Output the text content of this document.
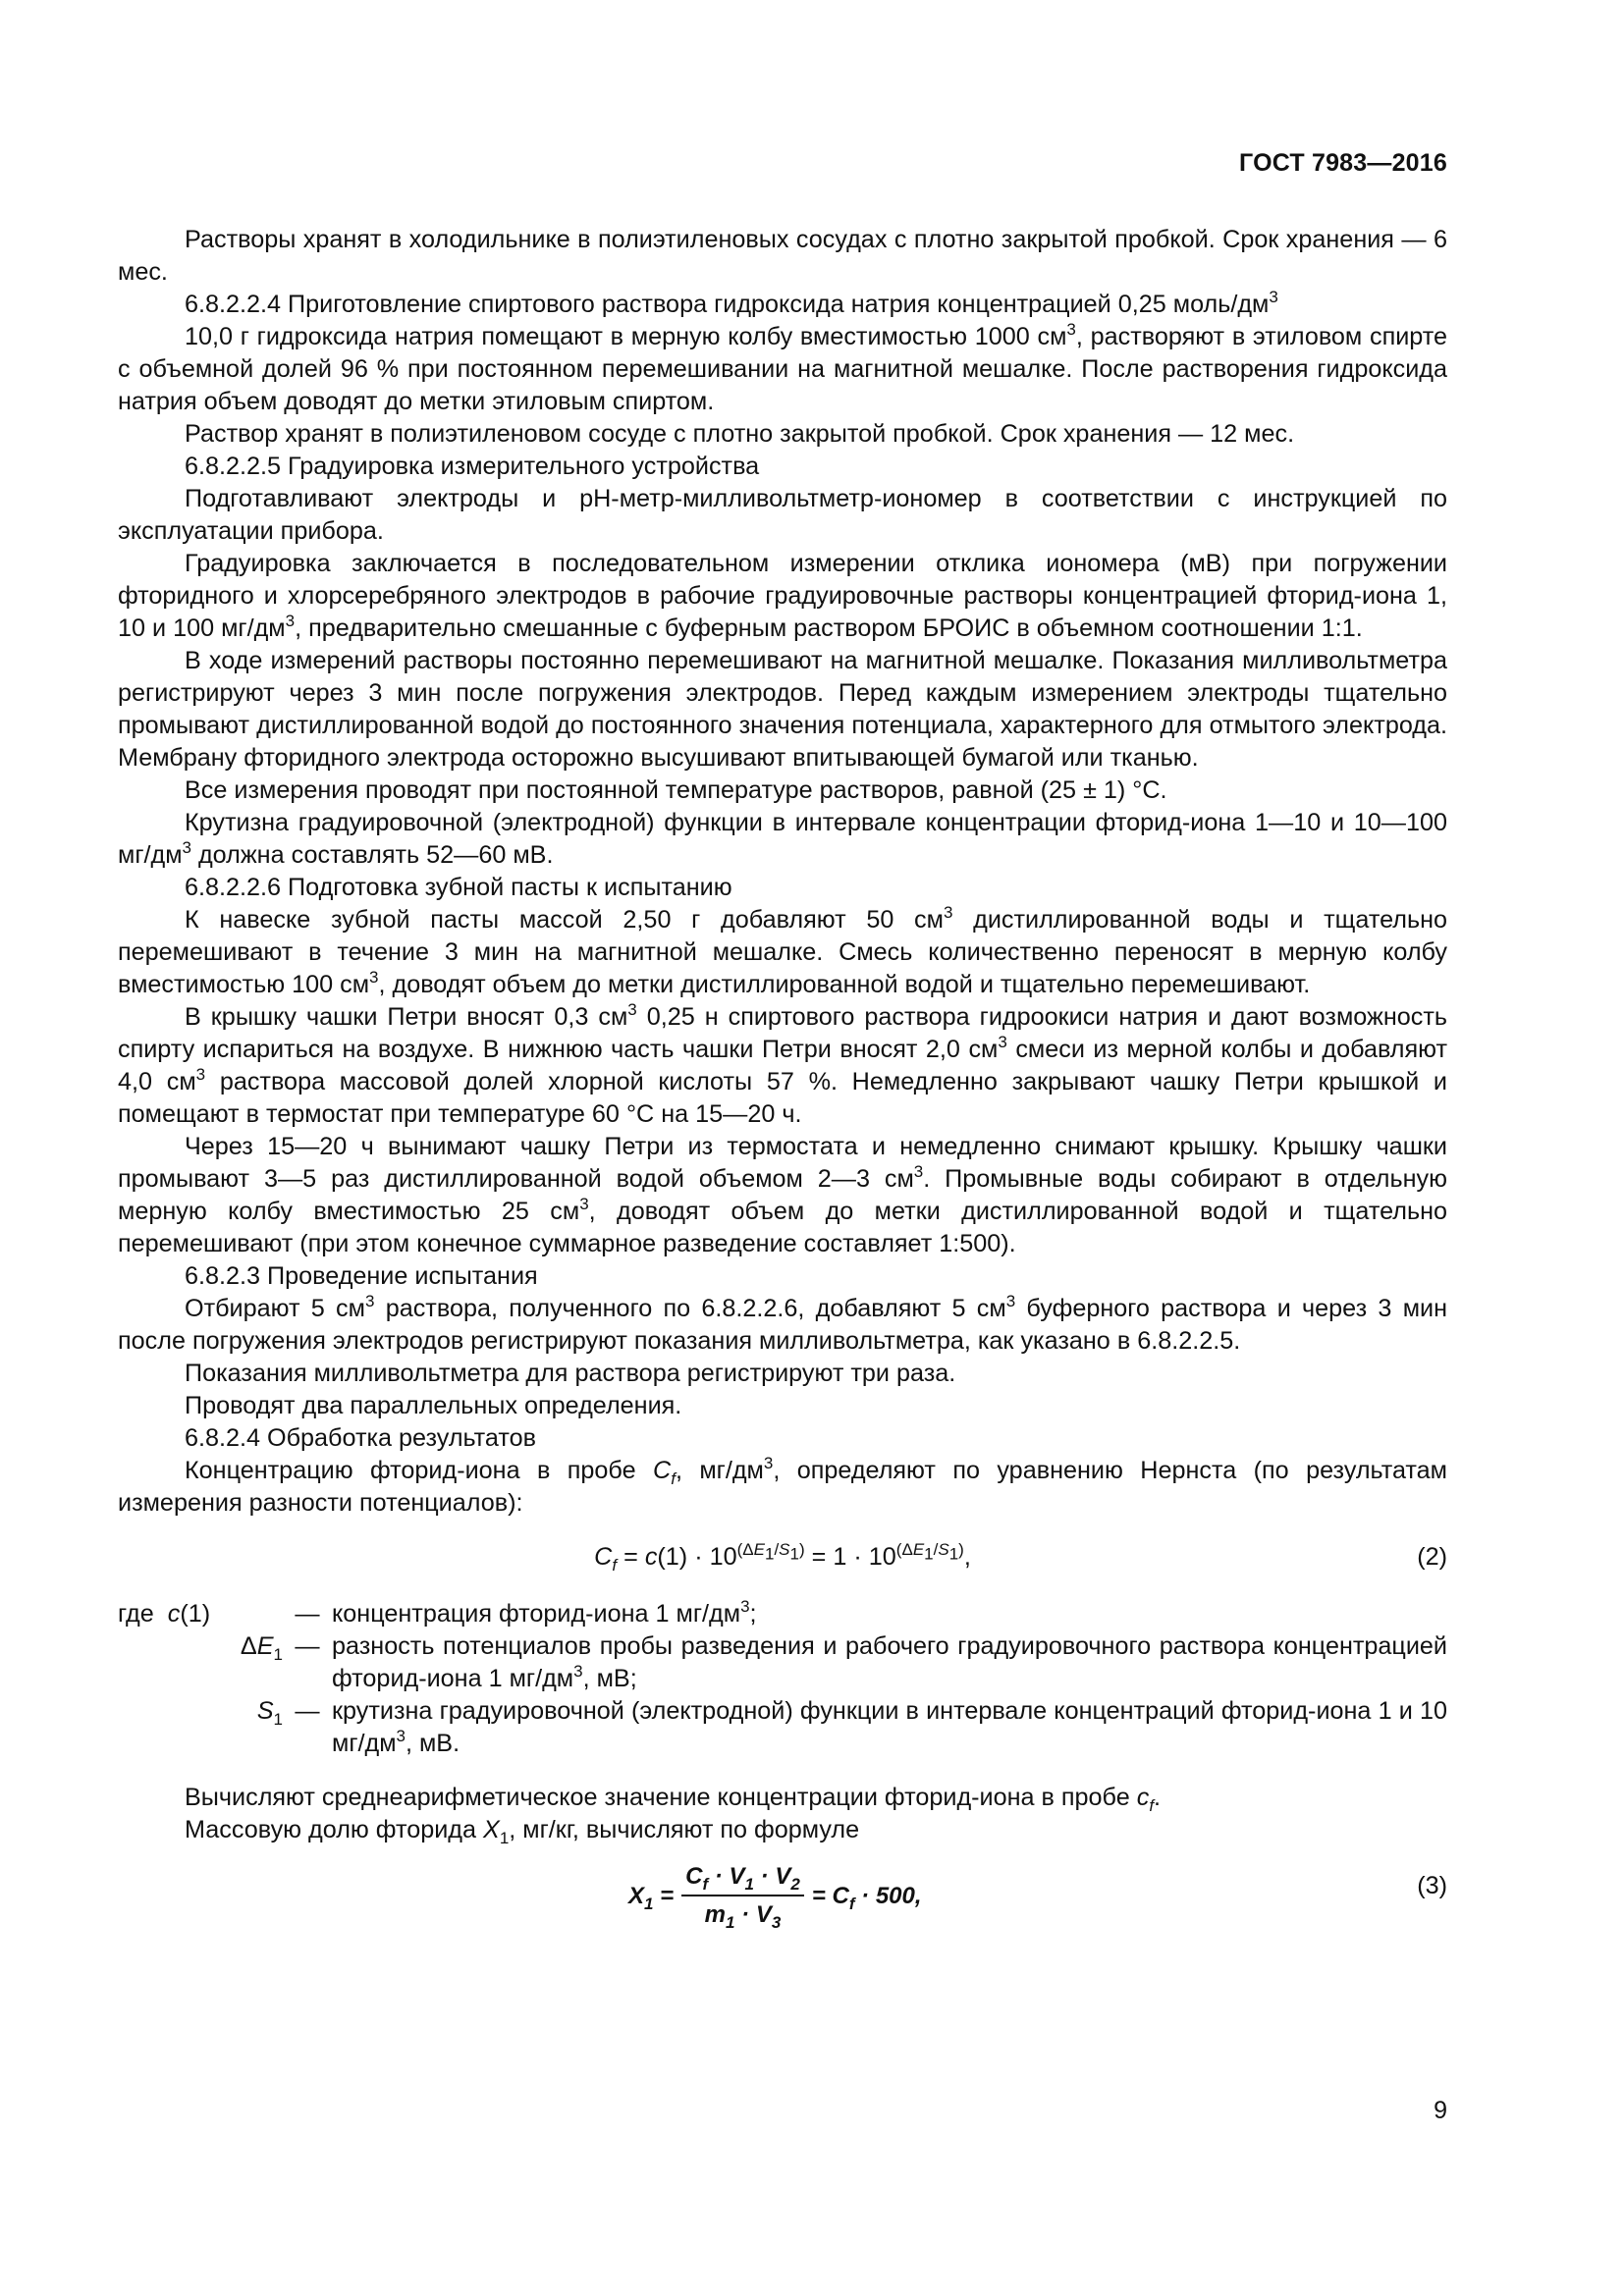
ГОСТ 7983—2016

Растворы хранят в холодильнике в полиэтиленовых сосудах с плотно закрытой пробкой. Срок хранения — 6 мес.

6.8.2.2.4 Приготовление спиртового раствора гидроксида натрия концентрацией 0,25 моль/$дм^3$

10,0 г гидроксида натрия помещают в мерную колбу вместимостью 1000 $см^3$, растворяют в этиловом спирте с объемной долей 96 % при постоянном перемешивании на магнитной мешалке. После растворения гидроксида натрия объем доводят до метки этиловым спиртом.

Раствор хранят в полиэтиленовом сосуде с плотно закрытой пробкой. Срок хранения — 12 мес.

6.8.2.2.5 Градуировка измерительного устройства

Подготавливают электроды и рН-метр-милливольтметр-иономер в соответствии с инструкцией по эксплуатации прибора.

Градуировка заключается в последовательном измерении отклика иономера (мВ) при погружении фторидного и хлорсеребряного электродов в рабочие градуировочные растворы концентрацией фторид-иона 1, 10 и 100 $мг/дм^3$, предварительно смешанные с буферным раствором БРОИС в объемном соотношении 1:1.

В ходе измерений растворы постоянно перемешивают на магнитной мешалке. Показания милливольтметра регистрируют через 3 мин после погружения электродов. Перед каждым измерением электроды тщательно промывают дистиллированной водой до постоянного значения потенциала, характерного для отмытого электрода. Мембрану фторидного электрода осторожно высушивают впитывающей бумагой или тканью.

Все измерения проводят при постоянной температуре растворов, равной (25 ± 1) °С.

Крутизна градуировочной (электродной) функции в интервале концентрации фторид-иона 1—10 и 10—100 $мг/дм^3$ должна составлять 52—60 мВ.

6.8.2.2.6 Подготовка зубной пасты к испытанию

К навеске зубной пасты массой 2,50 г добавляют 50 $см^3$ дистиллированной воды и тщательно перемешивают в течение 3 мин на магнитной мешалке. Смесь количественно переносят в мерную колбу вместимостью 100 $см^3$, доводят объем до метки дистиллированной водой и тщательно перемешивают.

В крышку чашки Петри вносят 0,3 $см^3$ 0,25 н спиртового раствора гидроокиси натрия и дают возможность спирту испариться на воздухе. В нижнюю часть чашки Петри вносят 2,0 $см^3$ смеси из мерной колбы и добавляют 4,0 $см^3$ раствора массовой долей хлорной кислоты 57 %. Немедленно закрывают чашку Петри крышкой и помещают в термостат при температуре 60 °С на 15—20 ч.

Через 15—20 ч вынимают чашку Петри из термостата и немедленно снимают крышку. Крышку чашки промывают 3—5 раз дистиллированной водой объемом 2—3 $см^3$. Промывные воды собирают в отдельную мерную колбу вместимостью 25 $см^3$, доводят объем до метки дистиллированной водой и тщательно перемешивают (при этом конечное суммарное разведение составляет 1:500).

6.8.2.3 Проведение испытания

Отбирают 5 $см^3$ раствора, полученного по 6.8.2.2.6, добавляют 5 $см^3$ буферного раствора и через 3 мин после погружения электродов регистрируют показания милливольтметра, как указано в 6.8.2.2.5.

Показания милливольтметра для раствора регистрируют три раза.

Проводят два параллельных определения.

6.8.2.4 Обработка результатов

Концентрацию фторид-иона в пробе $C_f$, $мг/дм^3$, определяют по уравнению Нернста (по результатам измерения разности потенциалов):

$C_f = c(1) \cdot 10^{(\Delta E_1/S_1)} = 1 \cdot 10^{(\Delta E_1/S_1)}$,	(2)
где c(1)	— концентрация фторид-иона 1 $мг/дм^3$;
$\Delta E_1$ — разность потенциалов пробы разведения и рабочего градуировочного раствора концентрацией фторид-иона 1 $мг/дм^3$, мВ;
$S_1$ — крутизна градуировочной (электродной) функции в интервале концентраций фторид-иона 1 и 10 $мг/дм^3$, мВ.

Вычисляют среднеарифметическое значение концентрации фторид-иона в пробе $c_f$.

Массовую долю фторида $X_1$, мг/кг, вычисляют по формуле

$X_1 = \frac{C_f \cdot V_1 \cdot V_2}{m_1 \cdot V_3} = C_f \cdot 500$,	(3)
9
